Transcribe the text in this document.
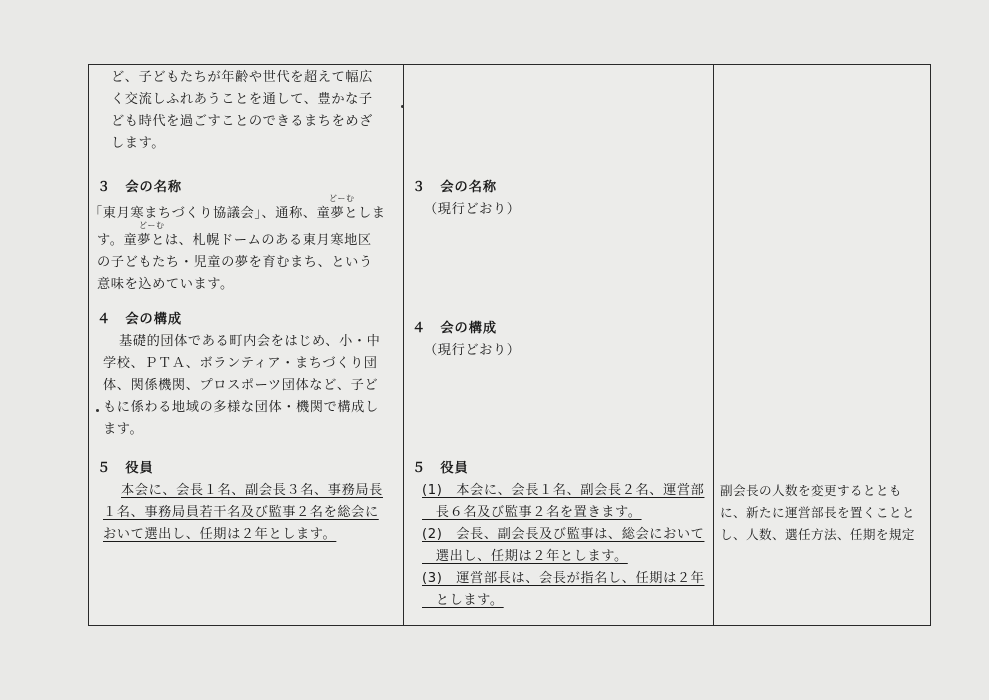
ど、子どもたちが年齢や世代を超えて幅広
く交流しふれあうことを通して、豊かな子
ども時代を過ごすことのできるまちをめざ
します。
３　会の名称
どーむ
「東月寒まちづくり協議会」、通称、童夢としま
どーむ
す。童夢とは、札幌ドームのある東月寒地区
の子どもたち・児童の夢を育むまち、という
意味を込めています。
４　会の構成
基礎的団体である町内会をはじめ、小・中
学校、ＰＴＡ、ボランティア・まちづくり団
体、関係機関、プロスポーツ団体など、子ど
もに係わる地域の多様な団体・機関で構成し
ます。
５　役員
本会に、会長１名、副会長３名、事務局長
１名、事務局員若干名及び監事２名を総会に
おいて選出し、任期は２年とします。
３　会の名称
（現行どおり）
４　会の構成
（現行どおり）
５　役員
(1)　本会に、会長１名、副会長２名、運営部
　長６名及び監事２名を置きます。
(2)　会長、副会長及び監事は、総会において
　選出し、任期は２年とします。
(3)　運営部長は、会長が指名し、任期は２年
　とします。
副会長の人数を変更するととも
に、新たに運営部長を置くことと
し、人数、選任方法、任期を規定
